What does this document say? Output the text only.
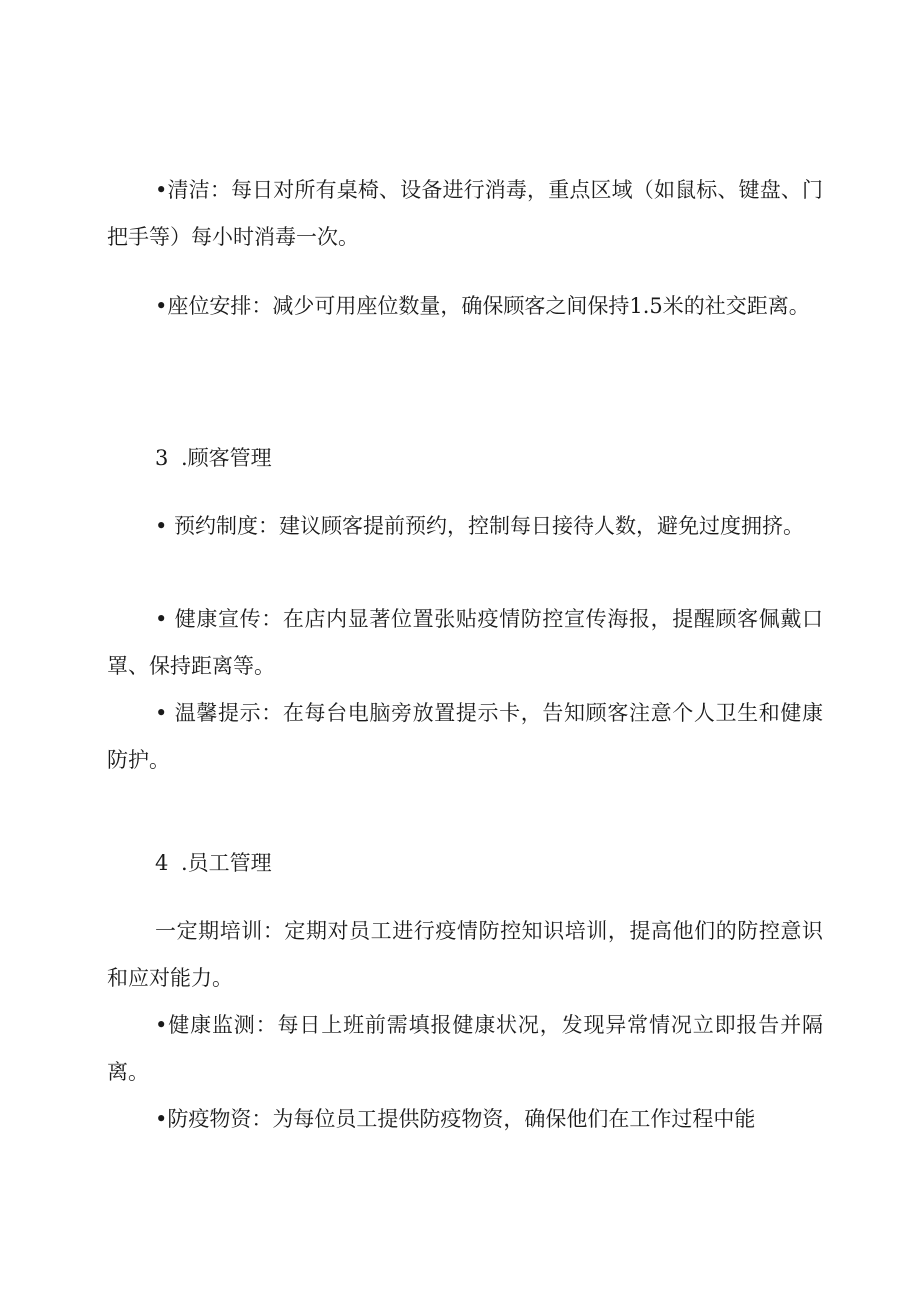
•清洁：每日对所有桌椅、设备进行消毒，重点区域（如鼠标、键盘、门把手等）每小时消毒一次。

•座位安排：减少可用座位数量，确保顾客之间保持1.5米的社交距离。

3 .顾客管理

• 预约制度：建议顾客提前预约，控制每日接待人数，避免过度拥挤。

• 健康宣传：在店内显著位置张贴疫情防控宣传海报，提醒顾客佩戴口罩、保持距离等。

• 温馨提示：在每台电脑旁放置提示卡，告知顾客注意个人卫生和健康防护。

4 .员工管理

一定期培训：定期对员工进行疫情防控知识培训，提高他们的防控意识和应对能力。

•健康监测：每日上班前需填报健康状况，发现异常情况立即报告并隔离。

•防疫物资：为每位员工提供防疫物资，确保他们在工作过程中能
